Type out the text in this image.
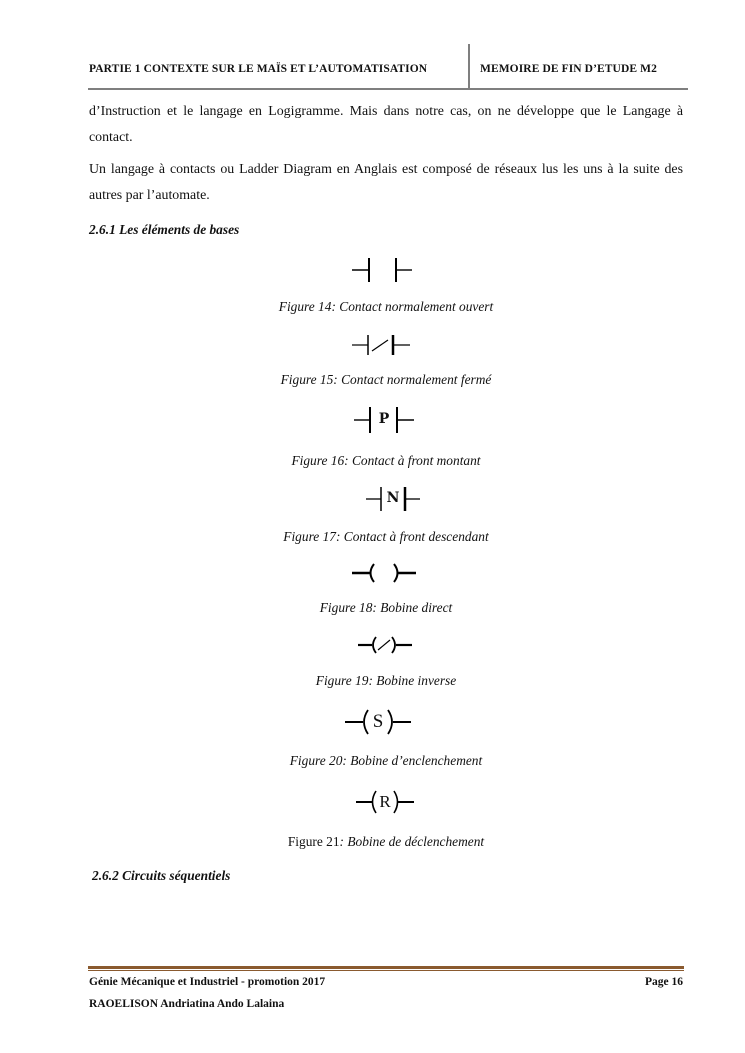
PARTIE 1 CONTEXTE SUR LE MAÏS ET L’AUTOMATISATION	MEMOIRE DE FIN D’ETUDE M2

d’Instruction et le langage en Logigramme. Mais dans notre cas, on ne développe que le Langage à contact.

Un langage à contacts ou Ladder Diagram en Anglais est composé de réseaux lus les uns à la suite des autres par l’automate.

2.6.1 Les éléments de bases

Figure 14: Contact normalement ouvert

Figure 15: Contact normalement fermé

P

Figure 16: Contact à front montant

N

Figure 17: Contact à front descendant

Figure 18: Bobine direct

Figure 19: Bobine inverse

S

Figure 20: Bobine d’enclenchement

R

Figure 21: Bobine de déclenchement

2.6.2 Circuits séquentiels

Génie Mécanique et Industriel - promotion 2017	Page 16
RAOELISON Andriatina Ando Lalaina
